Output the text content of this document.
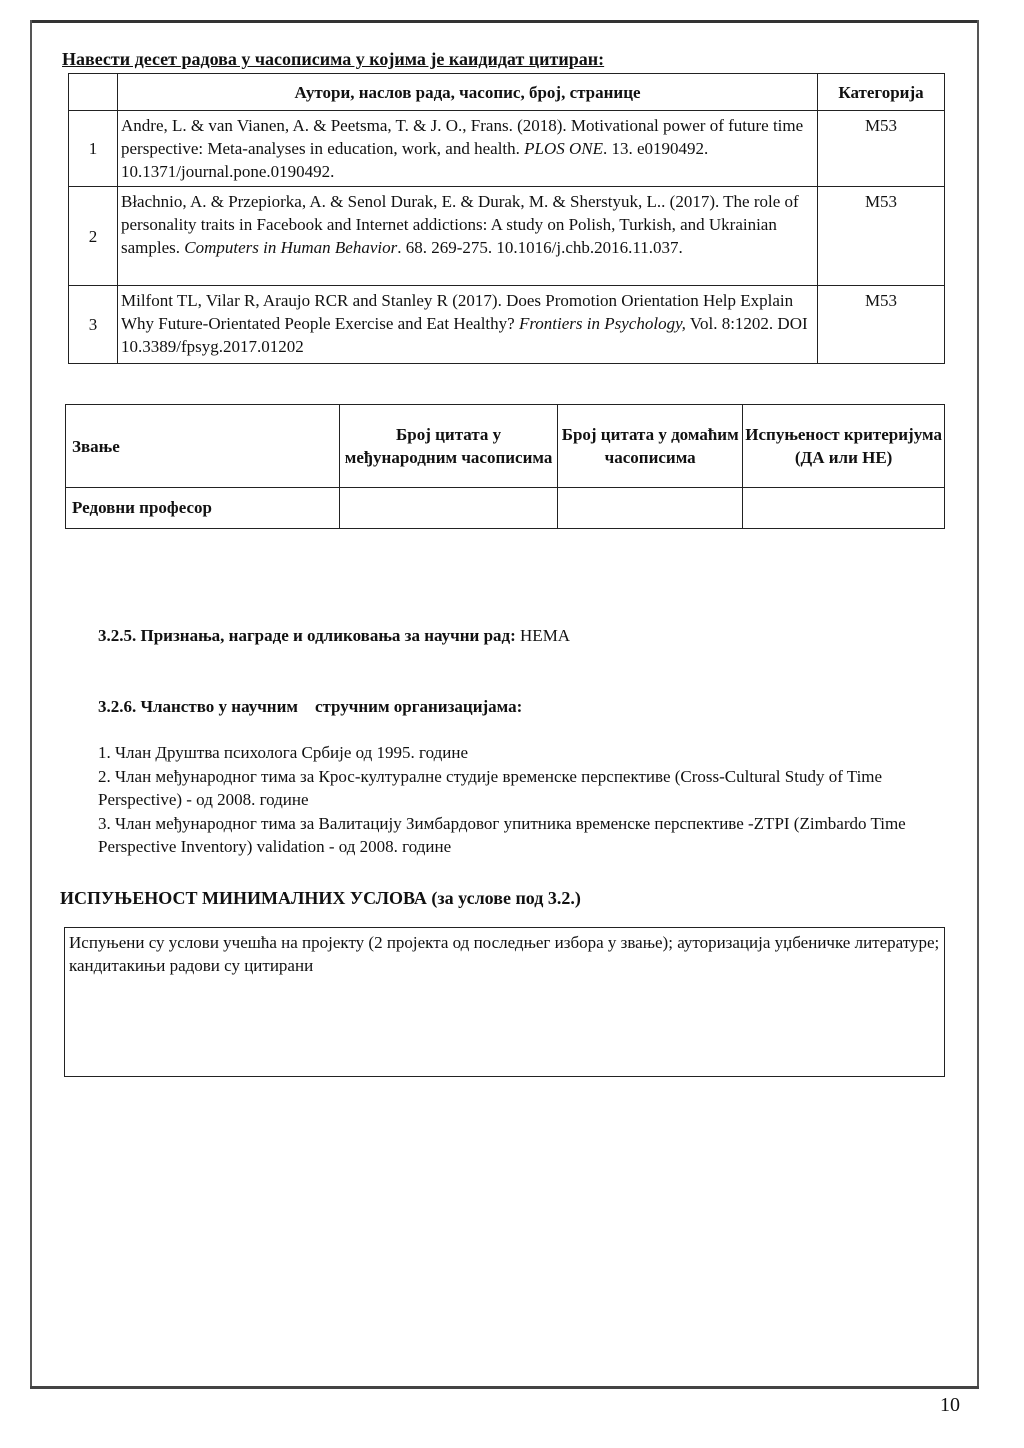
Навести десет радова у часописима у којима је каидидат цитиран:
	Аутори, наслов рада, часопис, број, странице	Категорија
1	Andre, L. & van Vianen, A. & Peetsma, T. & J. O., Frans. (2018). Motivational power of future time perspective: Meta-analyses in education, work, and health. PLOS ONE. 13. e0190492. 10.1371/journal.pone.0190492.	М53
2	Błachnio, A. & Przepiorka, A. & Senol Durak, E. & Durak, M. & Sherstyuk, L.. (2017). The role of personality traits in Facebook and Internet addictions: A study on Polish, Turkish, and Ukrainian samples. Computers in Human Behavior. 68. 269-275. 10.1016/j.chb.2016.11.037.	М53
3	Milfont TL, Vilar R, Araujo RCR and Stanley R (2017). Does Promotion Orientation Help Explain Why Future-Orientated People Exercise and Eat Healthy? Frontiers in Psychology, Vol. 8:1202. DOI 10.3389/fpsyg.2017.01202	М53
Звање	Број цитата у међународним часописима	Број цитата у домаћим часописима	Испуњеност критеријума (ДА или НЕ)
Редовни професор			
3.2.5. Признања, награде и одликовања за научни рад: НЕМА
3.2.6. Чланство у научним    стручним организацијама:
1. Члан Друштва психолога Србије од 1995. године
2. Члан међународног тима за Крос-културалне студије временске перспективе (Cross-Cultural Study of Time Perspective) - од 2008. године
3. Члан међународног тима за Валитацију Зимбардовог упитника временске перспективе -ZTPI (Zimbardo Time Perspective Inventory) validation - од 2008. године
ИСПУЊЕНОСТ МИНИМАЛНИХ УСЛОВА (за услове под 3.2.)
Испуњени су услови учешћа на пројекту (2 пројекта од последњег избора у звање); ауторизација уџбеничке литературе; кандитакињи радови су цитирани
10
